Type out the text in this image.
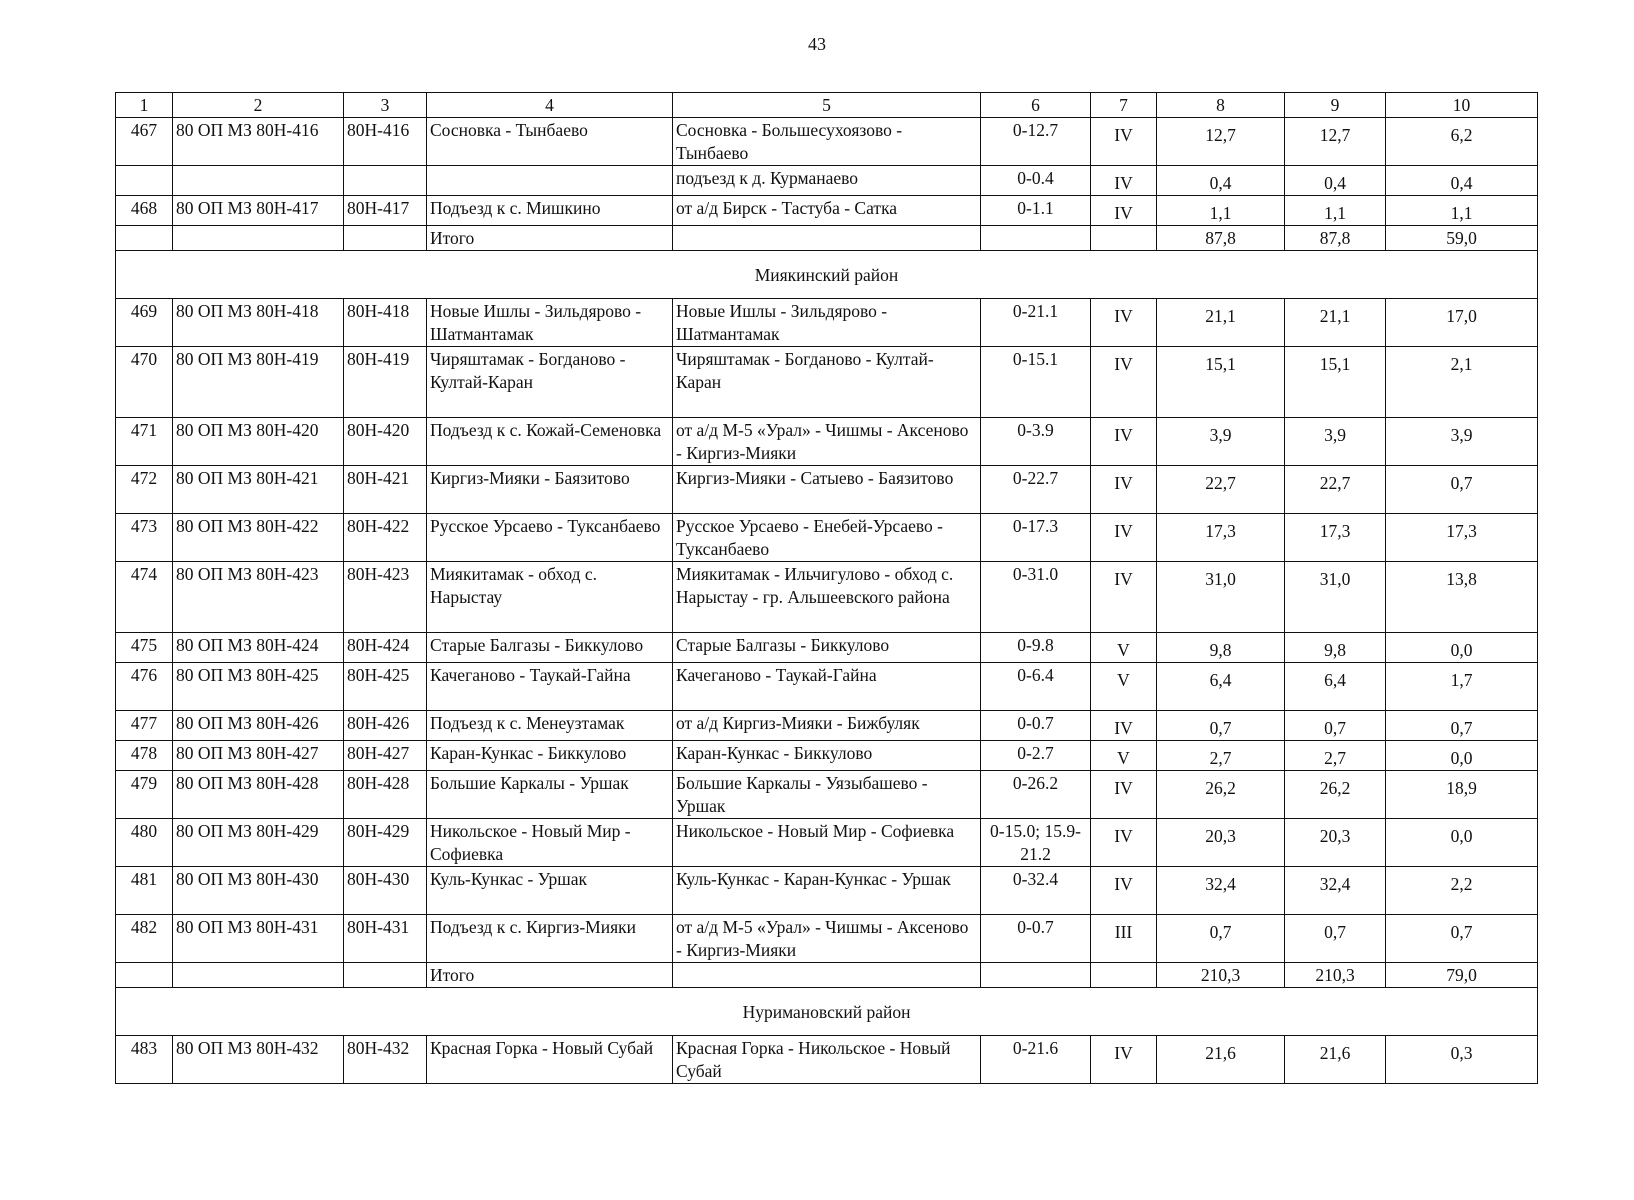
43
1	2	3	4	5	6	7	8	9	10
467	80 ОП МЗ 80Н-416	80Н-416	Сосновка - Тынбаево	Сосновка - Большесухоязово - Тынбаево	0-12.7	IV	12,7	12,7	6,2
				подъезд к д. Курманаево	0-0.4	IV	0,4	0,4	0,4
468	80 ОП МЗ 80Н-417	80Н-417	Подъезд к с. Мишкино	от а/д Бирск - Тастуба - Сатка	0-1.1	IV	1,1	1,1	1,1
			Итого				87,8	87,8	59,0
Миякинский район									
469	80 ОП МЗ 80Н-418	80Н-418	Новые Ишлы - Зильдярово - Шатмантамак	Новые Ишлы - Зильдярово - Шатмантамак	0-21.1	IV	21,1	21,1	17,0
470	80 ОП МЗ 80Н-419	80Н-419	Чиряштамак - Богданово - Култай-Каран	Чиряштамак - Богданово - Култай-Каран	0-15.1	IV	15,1	15,1	2,1
471	80 ОП МЗ 80Н-420	80Н-420	Подъезд к с. Кожай-Семеновка	от а/д М-5 «Урал» - Чишмы - Аксеново - Киргиз-Мияки	0-3.9	IV	3,9	3,9	3,9
472	80 ОП МЗ 80Н-421	80Н-421	Киргиз-Мияки - Баязитово	Киргиз-Мияки - Сатыево - Баязитово	0-22.7	IV	22,7	22,7	0,7
473	80 ОП МЗ 80Н-422	80Н-422	Русское Урсаево - Туксанбаево	Русское Урсаево - Енебей-Урсаево - Туксанбаево	0-17.3	IV	17,3	17,3	17,3
474	80 ОП МЗ 80Н-423	80Н-423	Миякитамак - обход с. Нарыстау	Миякитамак - Ильчигулово - обход с. Нарыстау - гр. Альшеевского района	0-31.0	IV	31,0	31,0	13,8
475	80 ОП МЗ 80Н-424	80Н-424	Старые Балгазы - Биккулово	Старые Балгазы - Биккулово	0-9.8	V	9,8	9,8	0,0
476	80 ОП МЗ 80Н-425	80Н-425	Качеганово - Таукай-Гайна	Качеганово - Таукай-Гайна	0-6.4	V	6,4	6,4	1,7
477	80 ОП МЗ 80Н-426	80Н-426	Подъезд к с. Менеузтамак	от а/д Киргиз-Мияки - Бижбуляк	0-0.7	IV	0,7	0,7	0,7
478	80 ОП МЗ 80Н-427	80Н-427	Каран-Кункас - Биккулово	Каран-Кункас - Биккулово	0-2.7	V	2,7	2,7	0,0
479	80 ОП МЗ 80Н-428	80Н-428	Большие Каркалы - Уршак	Большие Каркалы - Уязыбашево - Уршак	0-26.2	IV	26,2	26,2	18,9
480	80 ОП МЗ 80Н-429	80Н-429	Никольское - Новый Мир - Софиевка	Никольское - Новый Мир - Софиевка	0-15.0; 15.9-21.2	IV	20,3	20,3	0,0
481	80 ОП МЗ 80Н-430	80Н-430	Куль-Кункас - Уршак	Куль-Кункас - Каран-Кункас - Уршак	0-32.4	IV	32,4	32,4	2,2
482	80 ОП МЗ 80Н-431	80Н-431	Подъезд к с. Киргиз-Мияки	от а/д М-5 «Урал» - Чишмы - Аксеново - Киргиз-Мияки	0-0.7	III	0,7	0,7	0,7
			Итого				210,3	210,3	79,0
Нуримановский район									
483	80 ОП МЗ 80Н-432	80Н-432	Красная Горка - Новый Субай	Красная Горка - Никольское - Новый Субай	0-21.6	IV	21,6	21,6	0,3
